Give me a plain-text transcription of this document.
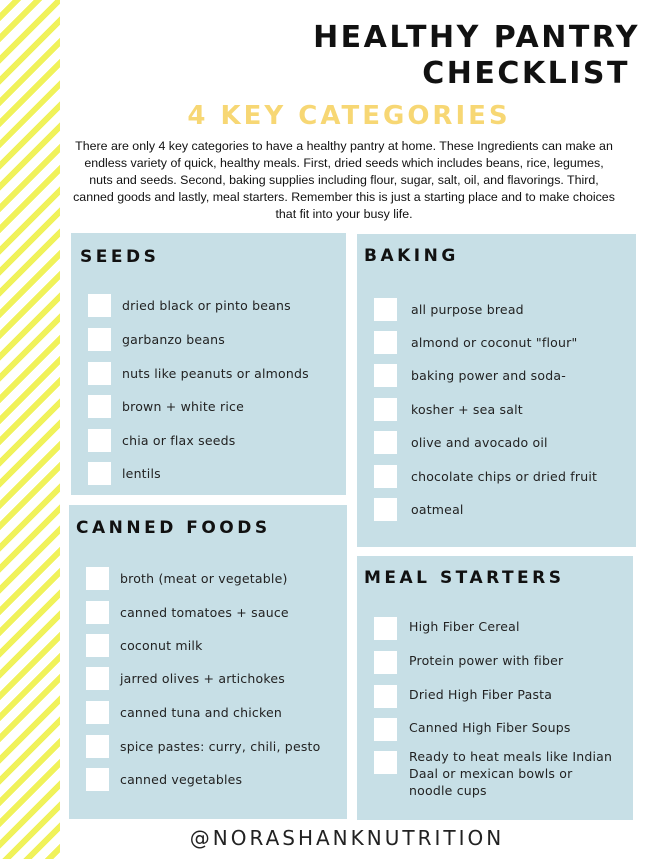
HEALTHY PANTRY
CHECKLIST
4 KEY CATEGORIES
There are only 4 key categories to have a healthy pantry at home. These Ingredients can make an endless variety of quick, healthy meals. First, dried seeds which includes beans, rice, legumes, nuts and seeds. Second, baking supplies including flour, sugar, salt, oil, and flavorings. Third, canned goods and lastly, meal starters. Remember this is just a starting place and to make choices that fit into your busy life.
SEEDS
dried black or pinto beans
garbanzo beans
nuts like peanuts or almonds
brown + white rice
chia or flax seeds
lentils
BAKING
all purpose bread
almond or coconut "flour"
baking power and soda-
kosher + sea salt
olive and avocado oil
chocolate chips or dried fruit
oatmeal
CANNED FOODS
broth (meat or vegetable)
canned tomatoes + sauce
coconut milk
jarred olives + artichokes
canned tuna and chicken
spice pastes: curry, chili, pesto
canned vegetables
MEAL STARTERS
High Fiber Cereal
Protein power with fiber
Dried High Fiber Pasta
Canned High Fiber Soups
Ready to heat meals like Indian Daal or mexican bowls or noodle cups
@NORASHANKNUTRITION
